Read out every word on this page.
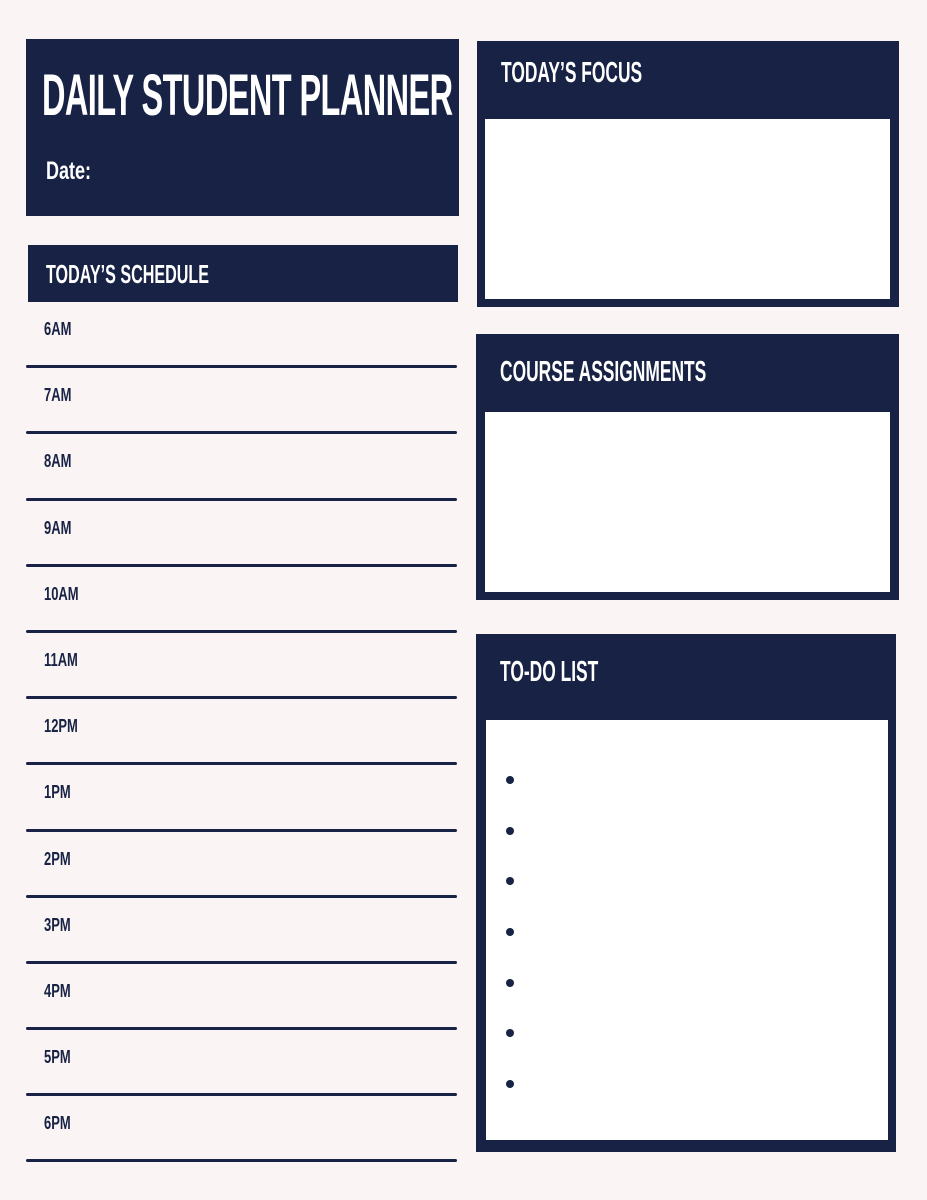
DAILY STUDENT PLANNER
Date:
TODAY’S SCHEDULE
6AM
7AM
8AM
9AM
10AM
11AM
12PM
1PM
2PM
3PM
4PM
5PM
6PM
TODAY’S FOCUS
COURSE ASSIGNMENTS
TO-DO LIST
